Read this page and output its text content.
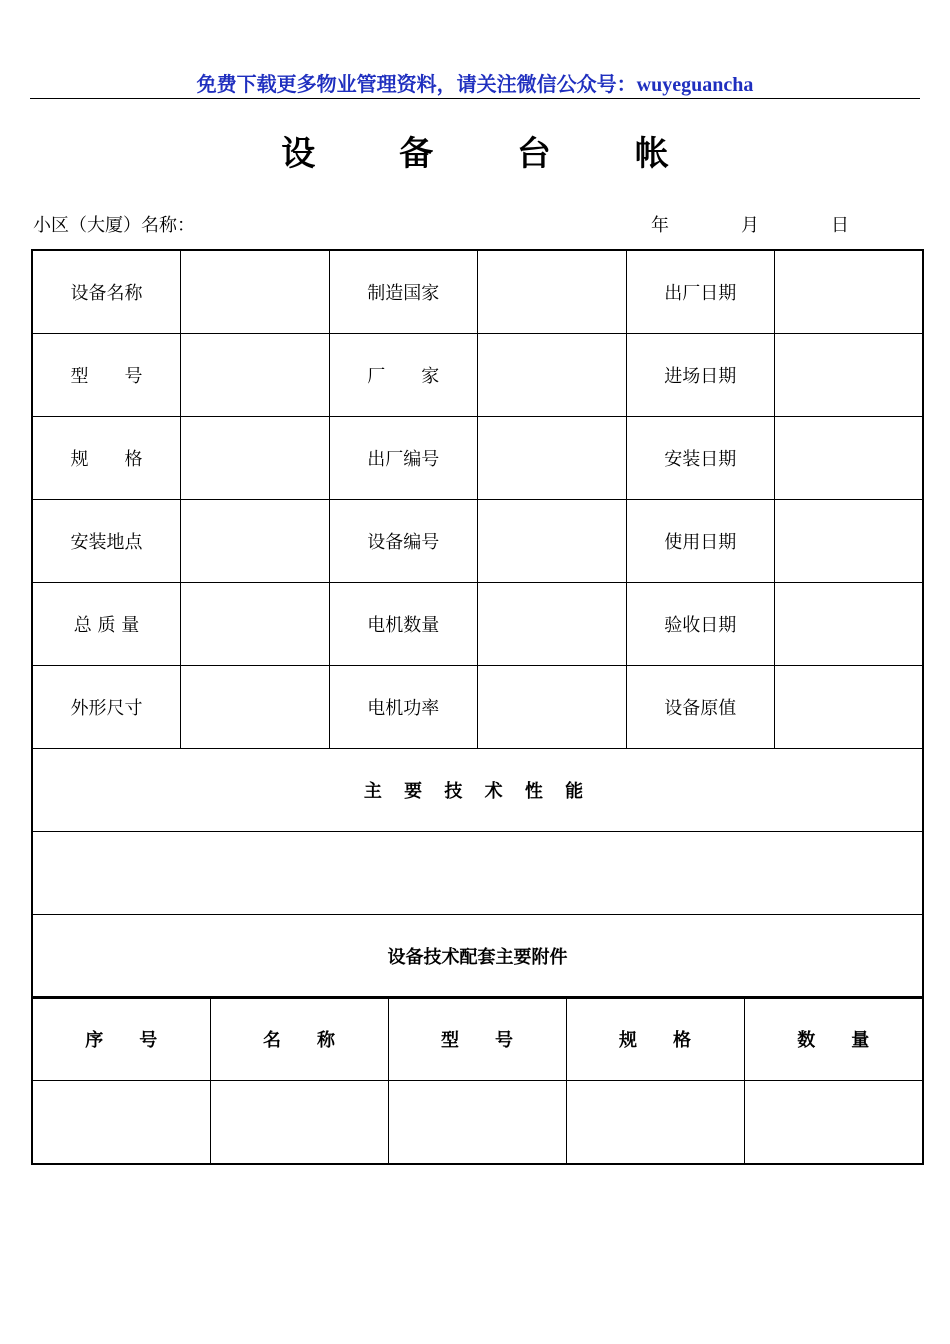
免费下载更多物业管理资料，请关注微信公众号：wuyeguancha
设 备 台 帐
小区（大厦）名称：	年	月	日
设备名称		制造国家		出厂日期	
型　　号		厂　　家		进场日期	
规　　格		出厂编号		安装日期	
安装地点		设备编号		使用日期	
总 质 量		电机数量		验收日期	
外形尺寸		电机功率		设备原值	
主 要 技 术 性 能					

设备技术配套主要附件					
序　　号	名　　称	型　　号	规　　格	数　　量
